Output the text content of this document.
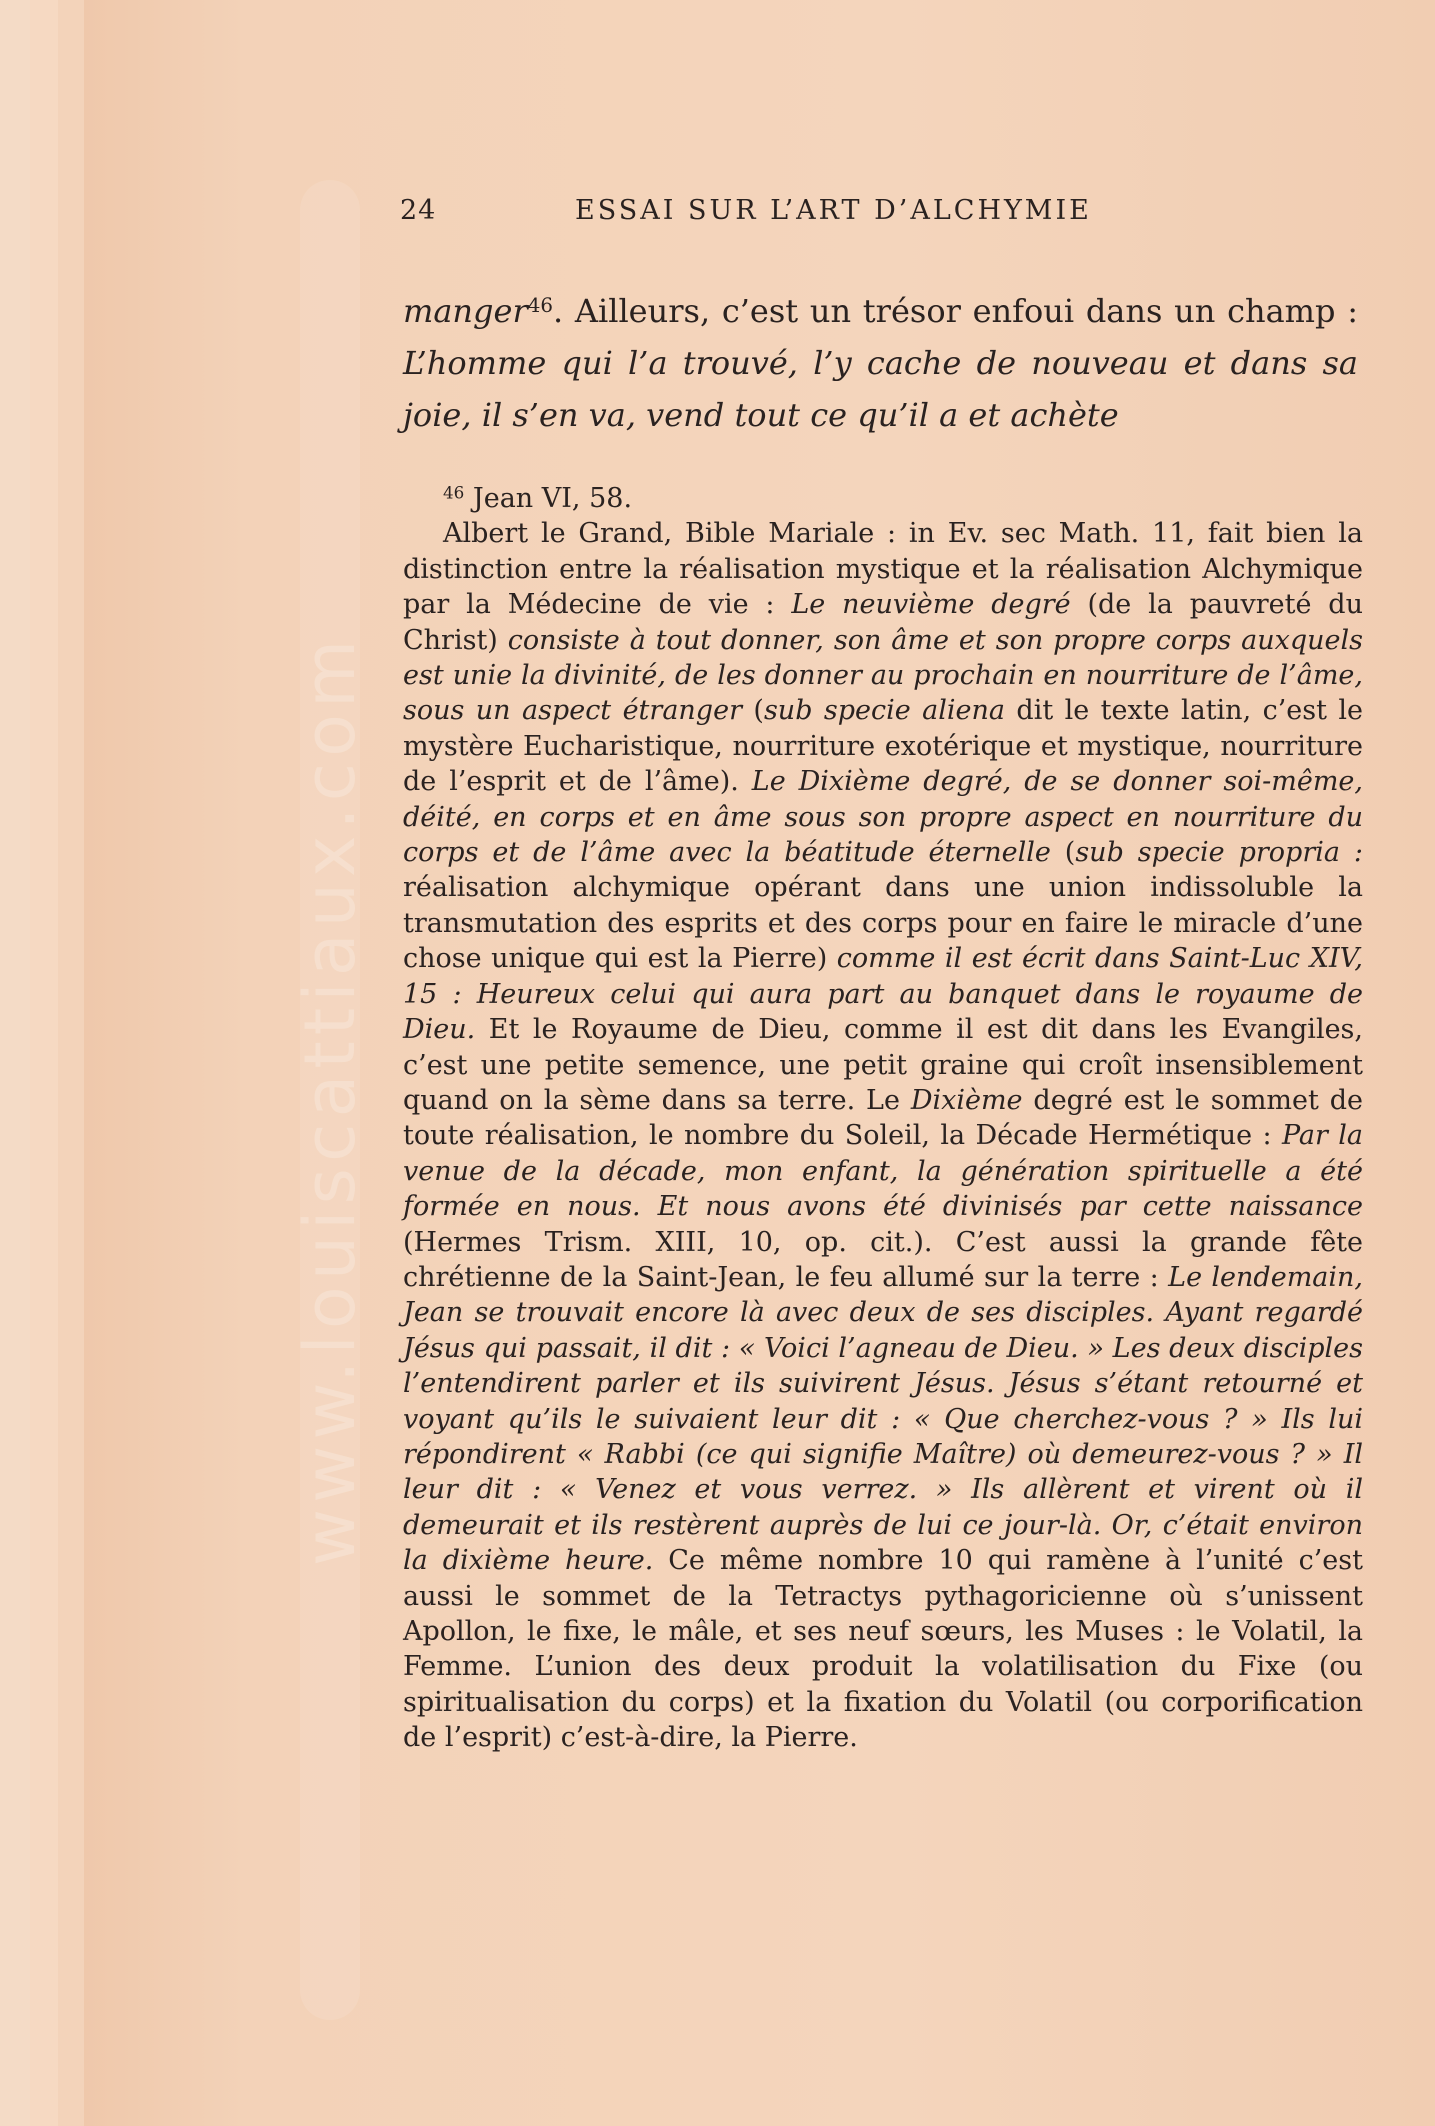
www.louiscattiaux.com
24	ESSAI SUR L’ART D’ALCHYMIE

manger$^{46}$. Ailleurs, c’est un trésor enfoui dans un champ : L’homme qui l’a trouvé, l’y cache de nouveau et dans sa joie, il s’en va, vend tout ce qu’il a et achète

$^{46}$ Jean VI, 58.

Albert le Grand, Bible Mariale : in Ev. sec Math. 11, fait bien la distinction entre la réalisation mystique et la réalisation Alchymique par la Médecine de vie : Le neuvième degré (de la pauvreté du Christ) consiste à tout donner, son âme et son propre corps auxquels est unie la divinité, de les donner au prochain en nourriture de l’âme, sous un aspect étranger (sub specie aliena dit le texte latin, c’est le mystère Eucharistique, nourriture exotérique et mystique, nourriture de l’esprit et de l’âme). Le Dixième degré, de se donner soi-même, déité, en corps et en âme sous son propre aspect en nourriture du corps et de l’âme avec la béatitude éternelle (sub specie propria : réalisation alchymique opérant dans une union indissoluble la transmutation des esprits et des corps pour en faire le miracle d’une chose unique qui est la Pierre) comme il est écrit dans Saint-Luc XIV, 15 : Heureux celui qui aura part au banquet dans le royaume de Dieu. Et le Royaume de Dieu, comme il est dit dans les Evangiles, c’est une petite semence, une petit graine qui croît insensiblement quand on la sème dans sa terre. Le Dixième degré est le sommet de toute réalisation, le nombre du Soleil, la Décade Hermétique : Par la venue de la décade, mon enfant, la génération spirituelle a été formée en nous. Et nous avons été divinisés par cette naissance (Hermes Trism. XIII, 10, op. cit.). C’est aussi la grande fête chrétienne de la Saint-Jean, le feu allumé sur la terre : Le lendemain, Jean se trouvait encore là avec deux de ses disciples. Ayant regardé Jésus qui passait, il dit : « Voici l’agneau de Dieu. » Les deux disciples l’entendirent parler et ils suivirent Jésus. Jésus s’étant retourné et voyant qu’ils le suivaient leur dit : « Que cherchez-vous ? » Ils lui répondirent « Rabbi (ce qui signifie Maître) où demeurez-vous ? » Il leur dit : « Venez et vous verrez. » Ils allèrent et virent où il demeurait et ils restèrent auprès de lui ce jour-là. Or, c’était environ la dixième heure. Ce même nombre 10 qui ramène à l’unité c’est aussi le sommet de la Tetractys pythagoricienne où s’unissent Apollon, le fixe, le mâle, et ses neuf sœurs, les Muses : le Volatil, la Femme. L’union des deux produit la volatilisation du Fixe (ou spiritualisation du corps) et la fixation du Volatil (ou corporification de l’esprit) c’est-à-dire, la Pierre.
